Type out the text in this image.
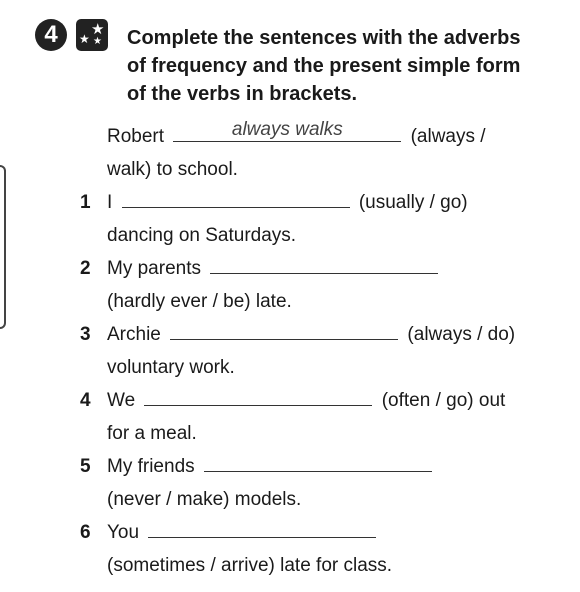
4	★
★ ★ Complete the sentences with the adverbs
of frequency and the present simple form
of the verbs in brackets.
Robert	always walks	(always /
walk) to school.
1 I	(usually / go)
dancing on Saturdays.
2 My parents
(hardly ever / be) late.
3 Archie	(always / do)
voluntary work.
4 We	(often / go) out
for a meal.
5 My friends
(never / make) models.
6 You
(sometimes / arrive) late for class.
